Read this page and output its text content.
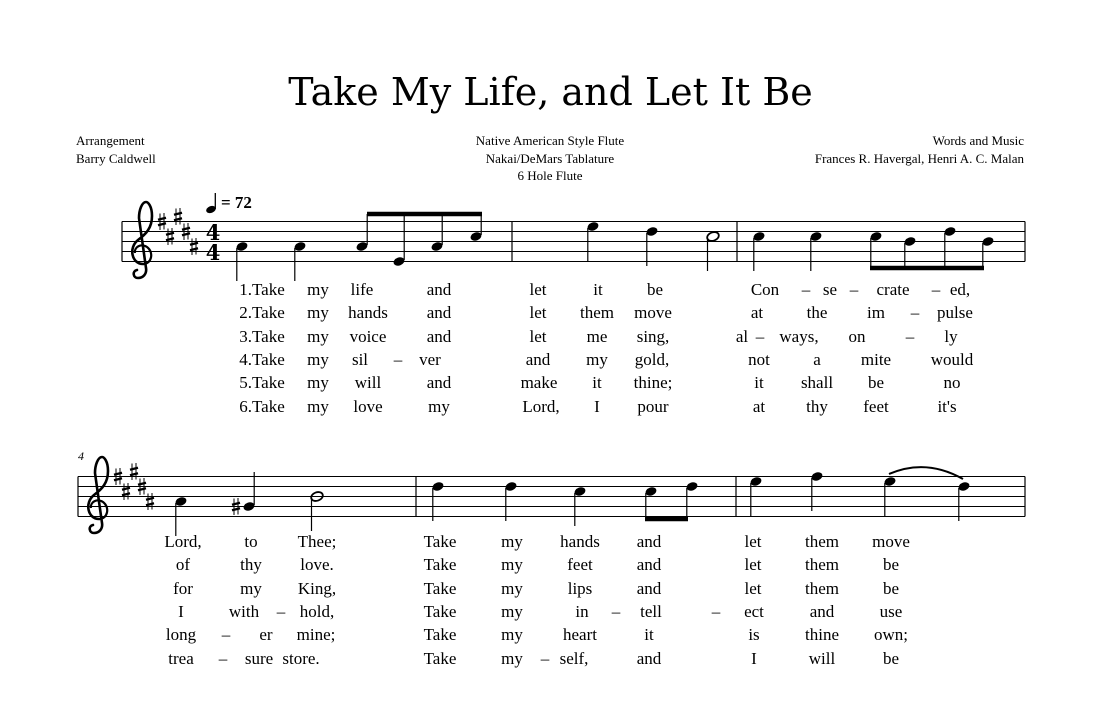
Take My Life, and Let It Be
Arrangement
Barry Caldwell
Native American Style Flute
Nakai/DeMars Tablature
6 Hole Flute
Words and Music
Frances R. Havergal, Henri A. C. Malan
= 72
4
4
4
1.Take my life	and	let	it	be	Con – se – crate – ed,
2.Take my hands and	let them move	at	the im – pulse
3.Take my voice and	let me sing,	al – ways, on – ly
4.Take my sil – ver	and my gold,	not	a mite would
5.Take my will	and	make it thine;	it shall be	no
6.Take my love	my	Lord, I pour	at thy feet	it's
Lord,	to Thee;	Take	my hands and	let	them move
of	thy love.	Take	my	feet	and	let	them	be
for	my King,	Take	my	lips	and	let	them	be
I	with – hold,	Take	my	in – tell	– ect	and	use
long – er mine;	Take	my heart	it	is	thine own;
trea – sure store.	Take	my – self,	and	I	will	be
